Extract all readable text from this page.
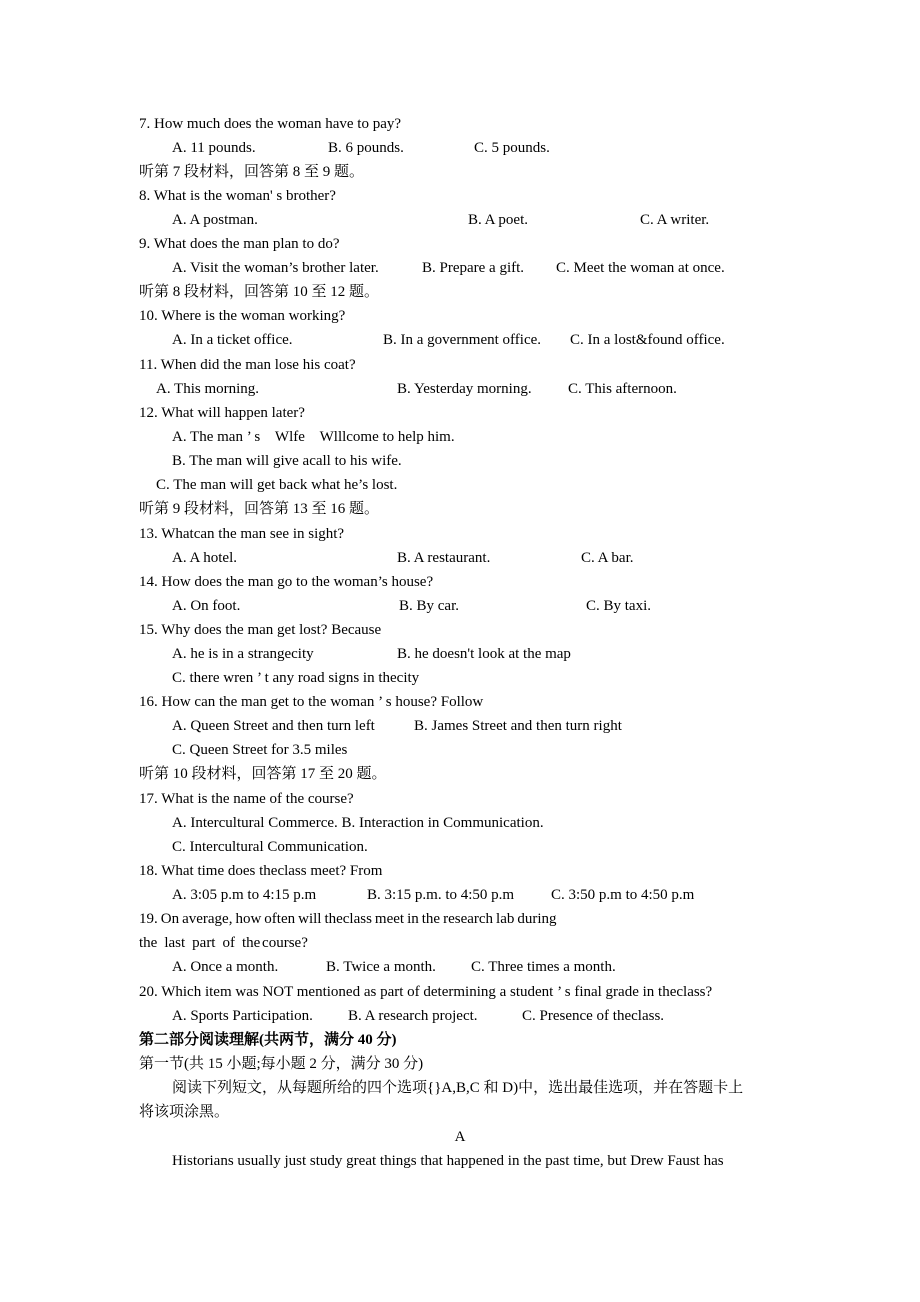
7. How much does the woman have to pay?
A. 11 pounds.	B. 6 pounds.	C. 5 pounds.
听第 7 段材料，回答第 8 至 9 题。
8. What is the woman' s brother?
A. A postman.	B. A poet.	C. A writer.
9. What does the man plan to do?
A. Visit the woman’s brother later.	B. Prepare a gift. C. Meet the woman at once.
听第 8 段材料，回答第 10 至 12 题。
10. Where is the woman working?
A. In a ticket office.	B. In a government office. C. In a lost&found office.
11. When did the man lose his coat?
A. This morning.	B. Yesterday morning. C. This afternoon.
12. What will happen later?
A. The man ’ s    Wlfe    Wlllcome to help him.
B. The man will give acall to his wife.
C. The man will get back what he’s lost.
听第 9 段材料，回答第 13 至 16 题。
13. Whatcan the man see in sight?
A. A hotel.	B. A restaurant.	C. A bar.
14. How does the man go to the woman’s house?
A. On foot.	B. By car.	C. By taxi.
15. Why does the man get lost? Because
A. he is in a strangecity	B. he doesn't look at the map
C. there wren ’ t any road signs in thecity
16. How can the man get to the woman ’ s house? Follow
A. Queen Street and then turn left	B. James Street and then turn right
C. Queen Street for 3.5 miles
听第 10 段材料，回答第 17 至 20 题。
17. What is the name of the course?
A. Intercultural Commerce. B. Interaction in Communication.
C. Intercultural Communication.
18. What time does theclass meet? From
A. 3:05 p.m to 4:15 p.m	B. 3:15 p.m. to 4:50 p.m C. 3:50 p.m to 4:50 p.m
19.    On    average,    how    often    will    theclass    meet    in    the    research    lab    during
the    last    part    of    the course?
A. Once a month.	B. Twice a month. C. Three times a month.
20. Which item was NOT mentioned as part of determining a student ’ s final grade in theclass?
A. Sports Participation. B. A research project.	C. Presence of theclass.
第二部分阅读理解(共两节，满分 40 分)
第一节(共 15 小题;每小题 2 分，满分 30 分)
阅读下列短文，从每题所给的四个选项{}A,B,C 和 D)中，选出最佳选项，并在答题卡上
将该项涂黑。
A
Historians usually just study great things that happened in the past time, but Drew Faust has
